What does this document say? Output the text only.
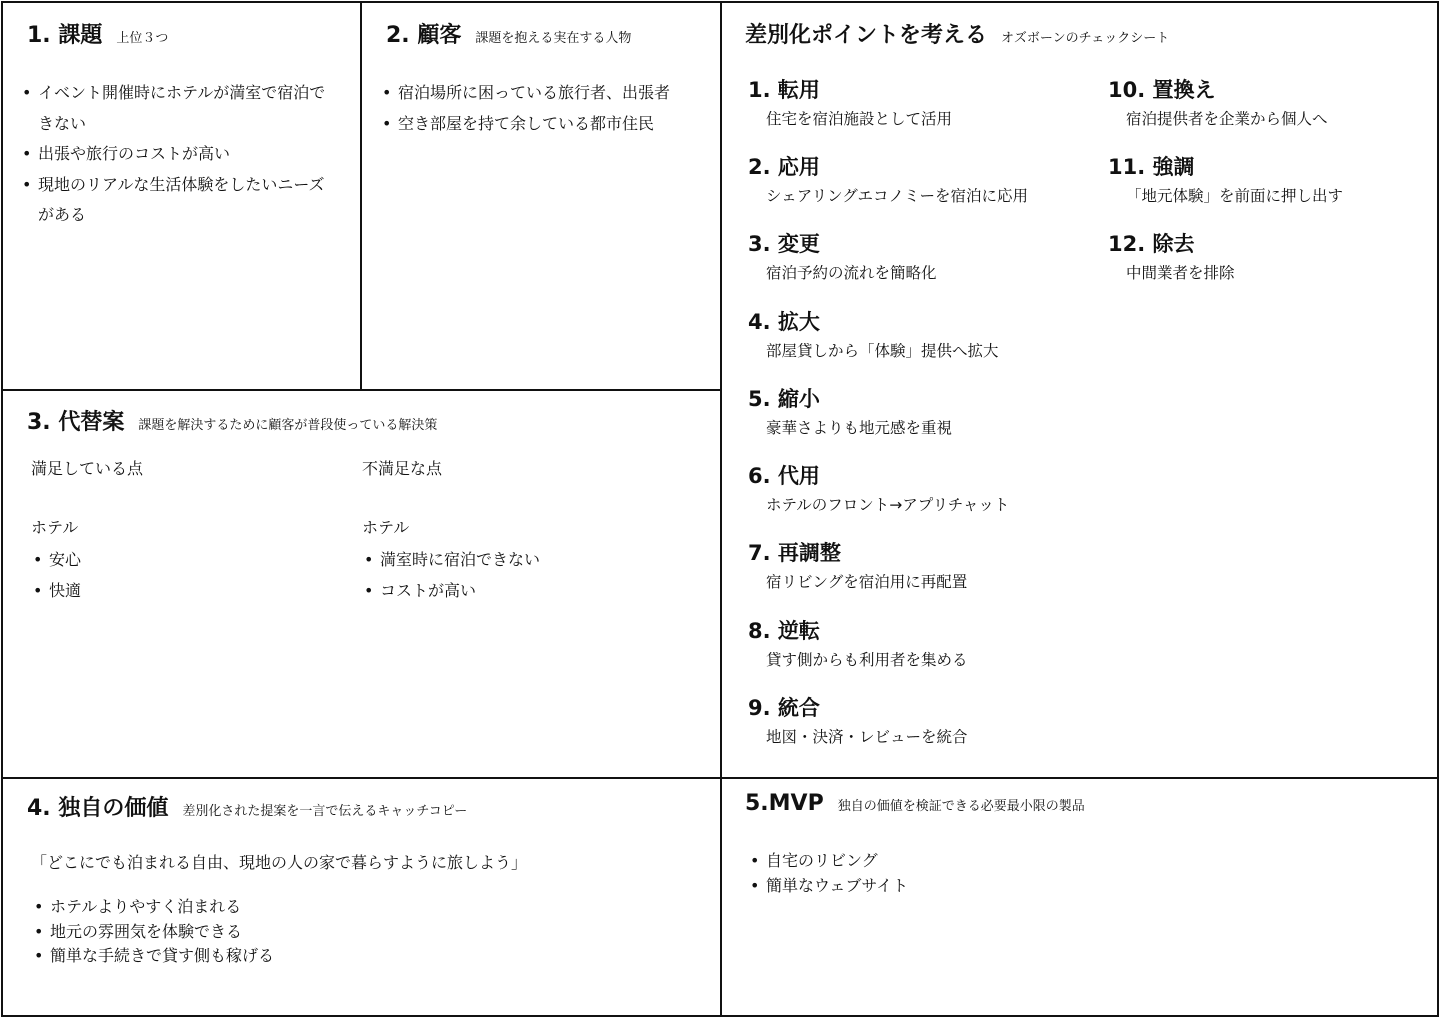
1. 課題 上位３つ
• イベント開催時にホテルが満室で宿泊できない
• 出張や旅行のコストが高い
• 現地のリアルな生活体験をしたいニーズがある
2. 顧客 課題を抱える実在する人物
• 宿泊場所に困っている旅行者、出張者
• 空き部屋を持て余している都市住民
3. 代替案 課題を解決するために顧客が普段使っている解決策
満足している点	不満足な点
ホテル	ホテル
• 安心
• 快適
• 満室時に宿泊できない
• コストが高い
差別化ポイントを考える オズボーンのチェックシート
1. 転用
住宅を宿泊施設として活用
2. 応用
シェアリングエコノミーを宿泊に応用
3. 変更
宿泊予約の流れを簡略化
4. 拡大
部屋貸しから「体験」提供へ拡大
5. 縮小
豪華さよりも地元感を重視
6. 代用
ホテルのフロント→アプリチャット
7. 再調整
宿リビングを宿泊用に再配置
8. 逆転
貸す側からも利用者を集める
9. 統合
地図・決済・レビューを統合
10. 置換え
宿泊提供者を企業から個人へ
11. 強調
「地元体験」を前面に押し出す
12. 除去
中間業者を排除
4. 独自の価値 差別化された提案を一言で伝えるキャッチコピー
「どこにでも泊まれる自由、現地の人の家で暮らすように旅しよう」
• ホテルよりやすく泊まれる
• 地元の雰囲気を体験できる
• 簡単な手続きで貸す側も稼げる
5.MVP 独自の価値を検証できる必要最小限の製品
• 自宅のリビング
• 簡単なウェブサイト
